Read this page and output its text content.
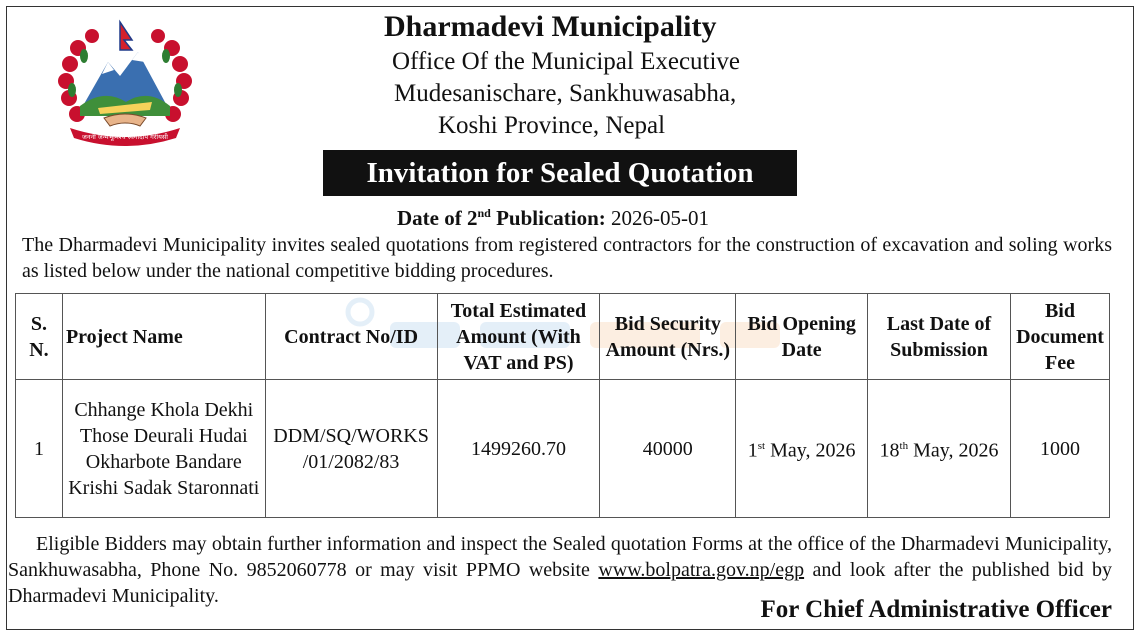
जननी जन्मभूमिश्च स्वर्गादपि गरीयसी
Dharmadevi Municipality
Office Of the Municipal Executive
Mudesanischare, Sankhuwasabha,
Koshi Province, Nepal
Invitation for Sealed Quotation
Date of 2nd Publication: 2026-05-01
The Dharmadevi Municipality invites sealed quotations from registered contractors for the construction of excavation and soling works as listed below under the national competitive bidding procedures.
S. N.	Project Name	Contract No/ID	Total Estimated Amount (With VAT and PS)	Bid Security Amount (Nrs.)	Bid Opening Date	Last Date of Submission	Bid Document Fee
1	Chhange Khola Dekhi Those Deurali Hudai Okharbote Bandare Krishi Sadak Staronnati	DDM/SQ/WORKS /01/2082/83	1499260.70	40000	1st May, 2026	18th May, 2026	1000
Eligible Bidders may obtain further information and inspect the Sealed quotation Forms at the office of the Dharmadevi Municipality, Sankhuwasabha, Phone No. 9852060778 or may visit PPMO website www.bolpatra.gov.np/egp and look after the published bid by Dharmadevi Municipality.	For Chief Administrative Officer
